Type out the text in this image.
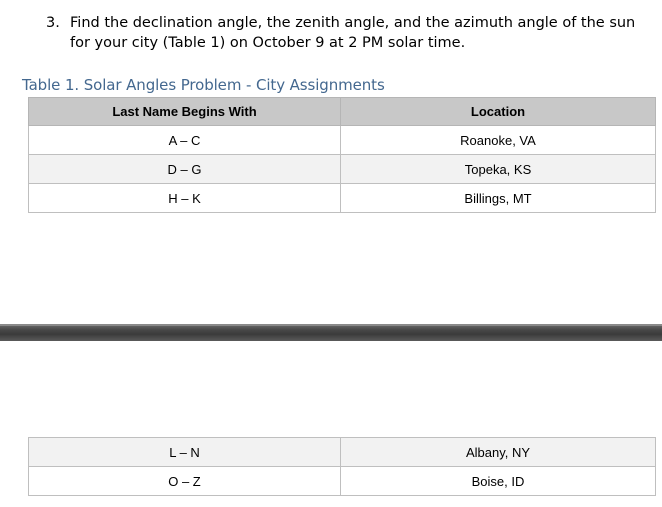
3. Find the declination angle, the zenith angle, and the azimuth angle of the sun for your city (Table 1) on October 9 at 2 PM solar time.
Table 1. Solar Angles Problem - City Assignments
Last Name Begins With	Location
A – C	Roanoke, VA
D – G	Topeka, KS
H – K	Billings, MT
L – N	Albany, NY
O – Z	Boise, ID
